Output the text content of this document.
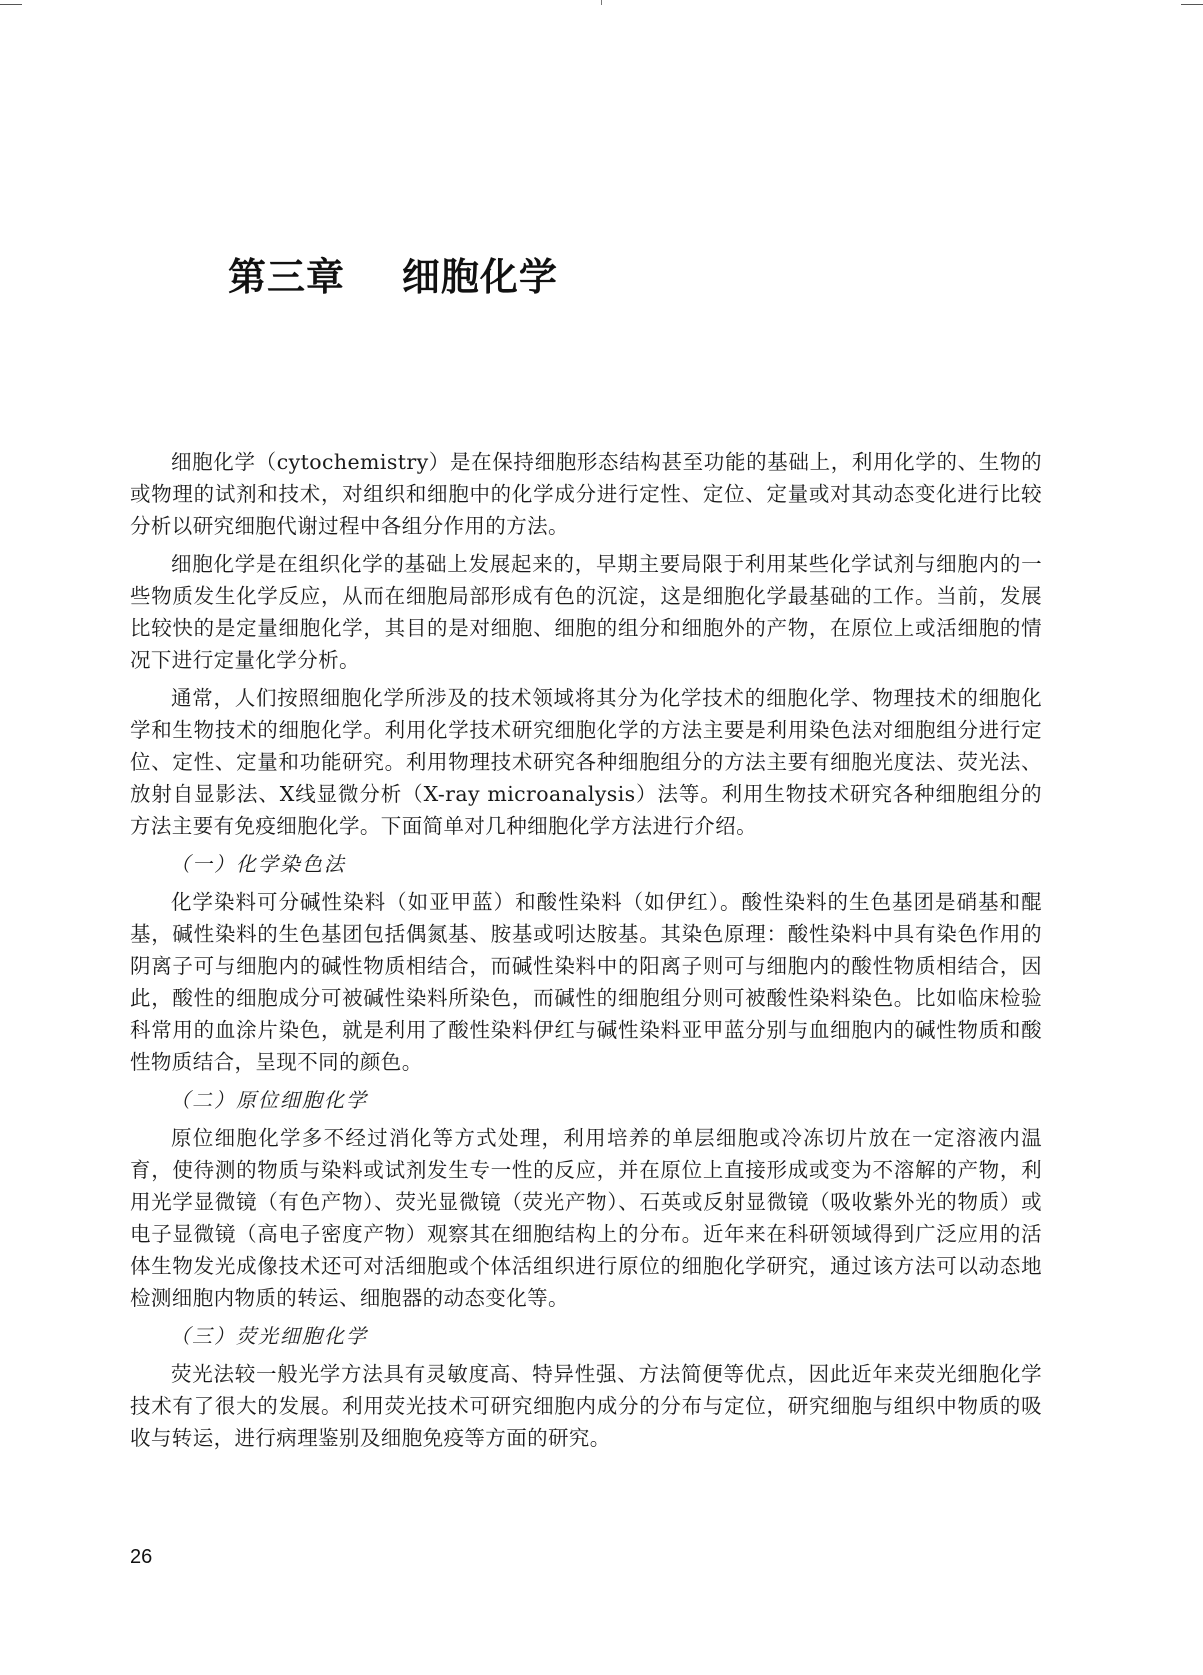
第三章    细胞化学

细胞化学（cytochemistry）是在保持细胞形态结构甚至功能的基础上，利用化学的、生物的或物理的试剂和技术，对组织和细胞中的化学成分进行定性、定位、定量或对其动态变化进行比较分析以研究细胞代谢过程中各组分作用的方法。

细胞化学是在组织化学的基础上发展起来的，早期主要局限于利用某些化学试剂与细胞内的一些物质发生化学反应，从而在细胞局部形成有色的沉淀，这是细胞化学最基础的工作。当前，发展比较快的是定量细胞化学，其目的是对细胞、细胞的组分和细胞外的产物，在原位上或活细胞的情况下进行定量化学分析。

通常，人们按照细胞化学所涉及的技术领域将其分为化学技术的细胞化学、物理技术的细胞化学和生物技术的细胞化学。利用化学技术研究细胞化学的方法主要是利用染色法对细胞组分进行定位、定性、定量和功能研究。利用物理技术研究各种细胞组分的方法主要有细胞光度法、荧光法、放射自显影法、X线显微分析（X-ray microanalysis）法等。利用生物技术研究各种细胞组分的方法主要有免疫细胞化学。下面简单对几种细胞化学方法进行介绍。

（一）化学染色法

化学染料可分碱性染料（如亚甲蓝）和酸性染料（如伊红）。酸性染料的生色基团是硝基和醌基，碱性染料的生色基团包括偶氮基、胺基或吲达胺基。其染色原理：酸性染料中具有染色作用的阴离子可与细胞内的碱性物质相结合，而碱性染料中的阳离子则可与细胞内的酸性物质相结合，因此，酸性的细胞成分可被碱性染料所染色，而碱性的细胞组分则可被酸性染料染色。比如临床检验科常用的血涂片染色，就是利用了酸性染料伊红与碱性染料亚甲蓝分别与血细胞内的碱性物质和酸性物质结合，呈现不同的颜色。

（二）原位细胞化学

原位细胞化学多不经过消化等方式处理，利用培养的单层细胞或冷冻切片放在一定溶液内温育，使待测的物质与染料或试剂发生专一性的反应，并在原位上直接形成或变为不溶解的产物，利用光学显微镜（有色产物）、荧光显微镜（荧光产物）、石英或反射显微镜（吸收紫外光的物质）或电子显微镜（高电子密度产物）观察其在细胞结构上的分布。近年来在科研领域得到广泛应用的活体生物发光成像技术还可对活细胞或个体活组织进行原位的细胞化学研究，通过该方法可以动态地检测细胞内物质的转运、细胞器的动态变化等。

（三）荧光细胞化学

荧光法较一般光学方法具有灵敏度高、特异性强、方法简便等优点，因此近年来荧光细胞化学技术有了很大的发展。利用荧光技术可研究细胞内成分的分布与定位，研究细胞与组织中物质的吸收与转运，进行病理鉴别及细胞免疫等方面的研究。

26
